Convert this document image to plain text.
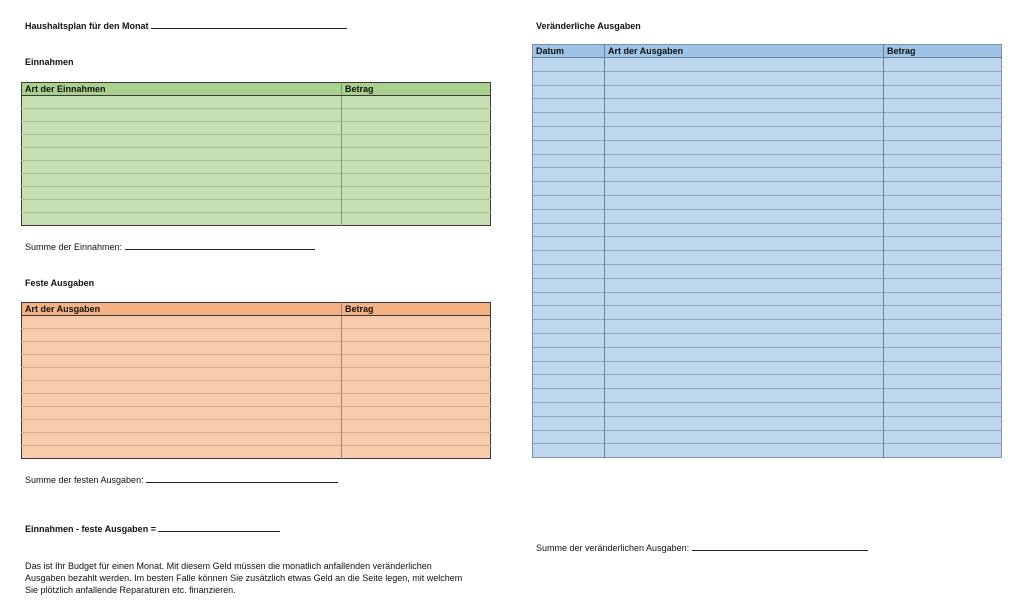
Haushaltsplan für den Monat
Einnahmen
Art der Einnahmen	Betrag

Summe der Einnahmen:
Feste Ausgaben
Art der Ausgaben	Betrag

Summe der festen Ausgaben:
Einnahmen - feste Ausgaben =
Das ist Ihr Budget für einen Monat. Mit diesem Geld müssen die monatlich anfallenden veränderlichen
Ausgaben bezahlt werden. Im besten Falle können Sie zusätzlich etwas Geld an die Seite legen, mit welchem
Sie plötzlich anfallende Reparaturen etc. finanzieren.
Veränderliche Ausgaben
Datum	Art der Ausgaben	Betrag

Summe der veränderlichen Ausgaben:
